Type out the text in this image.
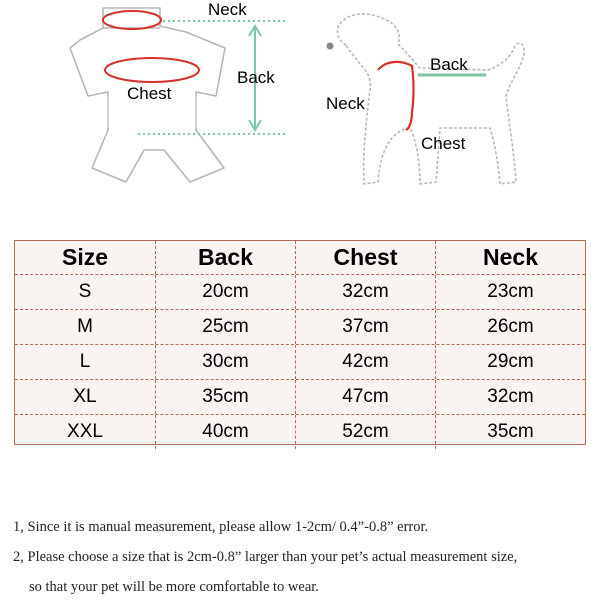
Neck
Back
Chest
Back
Neck
Chest
Size	Back	Chest	Neck
S	20cm	32cm	23cm
M	25cm	37cm	26cm
L	30cm	42cm	29cm
XL	35cm	47cm	32cm
XXL	40cm	52cm	35cm
1, Since it is manual measurement, please allow 1-2cm/ 0.4”-0.8” error.
2, Please choose a size that is 2cm-0.8” larger than your pet’s actual measurement size,
so that your pet will be more comfortable to wear.
